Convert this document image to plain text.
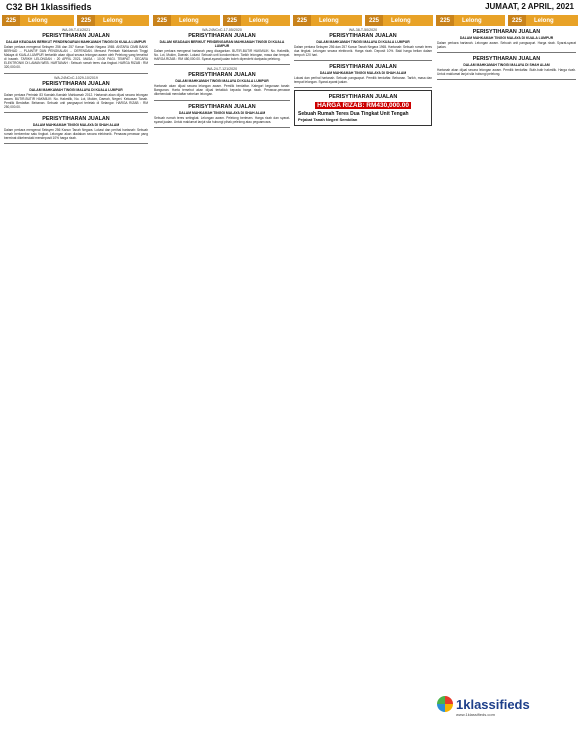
C32 BH 1klassifieds	JUMAAT, 2 APRIL, 2021
225	Lelong	225	Lelong	225	Lelong	225	Lelong	225	Lelong	225	Lelong	225	Lelong	225	Lelong
WA-09-T-01/2021
PERISYTIHARAN JUALAN
DALAM KEADAAN BERIKUT PENDENGARAN MAHKAMAH TINGGI DI KUALA LUMPUR
Dalam perkara mengenai Seksyen 256 dan 257 Kanun Tanah Negara 1965. ANTARA CIMB BANK BERHAD ... PLAINTIF DAN PENGKALAN ... DEFENDAN. Menurut Perintah Mahkamah Tinggi Malaya di KUALA LUMPUR bertarikh akan dijual secara lelongan awam oleh Pelelong yang tersebut di bawah. TARIKH LELONGAN : 20 APRIL 2021. MASA : 10.00 PAGI. TEMPAT : SECARA ELEKTRONIK DI LAMAN WEB. HARTANAH : Sebuah rumah teres dua tingkat. HARGA RIZAB : RM 320,000.00.
WA-24NCvC-1029-10/2019
PERISYTIHARAN JUALAN
DALAM MAHKAMAH TINGGI MALAYA DI KUALA LUMPUR
Dalam perkara Perintah 83 Kaedah-Kaedah Mahkamah 2012. Hartanah akan dijual secara lelongan awam. BUTIR-BUTIR HAKMILIK: No. Hakmilik, No. Lot, Mukim, Daerah, Negeri. Keluasan Tanah. Pemilik Berdaftar. Bebanan. Sebuah unit pangsapuri terletak di Selangor. HARGA RIZAB : RM 250,000.00.
PERISYTIHARAN JUALAN
DALAM MAHKAMAH TINGGI MALAYA DI SHAH ALAM
Dalam perkara mengenai Seksyen 256 Kanun Tanah Negara. Lokasi dan perihal hartanah: Sebuah rumah berkembar satu tingkat. Lelongan akan diadakan secara elektronik. Penawar-penawar yang berminat dikehendaki mendeposit 10% harga rizab.
WA-24NCvC-17-05/2020
PERISYTIHARAN JUALAN
DALAM KEADAAN BERIKUT PENDENGARAN MAHKAMAH TINGGI DI KUALA LUMPUR
Dalam perkara mengenai hartanah yang dicagarkan. BUTIR-BUTIR HAKMILIK: No. Hakmilik, No. Lot, Mukim, Daerah. Lokasi: Sebuah unit kondominium. Tarikh lelongan, masa dan tempat. HARGA RIZAB : RM 480,000.00. Syarat-syarat jualan boleh diperolehi daripada pelelong.
WA-24-T-121/2020
PERISYTIHARAN JUALAN
DALAM MAHKAMAH TINGGI MALAYA DI KUALA LUMPUR
Hartanah akan dijual secara lelongan awam. Pemilik berdaftar. Kategori kegunaan tanah: Bangunan. Harta tersebut akan dijual tertakluk kepada harga rizab. Penawar-penawar dikehendaki mendaftar sebelum lelongan.
PERISYTIHARAN JUALAN
DALAM MAHKAMAH TINGGI MALAYA DI SHAH ALAM
Sebuah rumah teres setingkat. Lelongan awam. Pelelong berlesen. Harga rizab dan syarat-syarat jualan. Untuk maklumat lanjut sila hubungi pihak pelelong atau peguamcara.
WA-38-T-50/2020
PERISYTIHARAN JUALAN
DALAM MAHKAMAH TINGGI MALAYA DI KUALA LUMPUR
Dalam perkara Seksyen 256 dan 257 Kanun Tanah Negara 1965. Hartanah: Sebuah rumah teres dua tingkat. Lelongan secara elektronik. Harga rizab. Deposit 10%. Baki harga belian dalam tempoh 120 hari.
PERISYTIHARAN JUALAN
DALAM MAHKAMAH TINGGI MALAYA DI SHAH ALAM
Lokasi dan perihal hartanah. Sebuah pangsapuri. Pemilik berdaftar. Bebanan. Tarikh, masa dan tempat lelongan. Syarat-syarat jualan.
PERISYTIHARAN JUALAN
HARGA RIZAB: RM430,000.00
Sebuah Rumah Teres Dua Tingkat Unit Tengah
Pejabat Tanah Negeri Sembilan
PERISYTIHARAN JUALAN
DALAM MAHKAMAH TINGGI MALAYA DI KUALA LUMPUR
Dalam perkara hartanah. Lelongan awam. Sebuah unit pangsapuri. Harga rizab. Syarat-syarat jualan.
PERISYTIHARAN JUALAN
DALAM MAHKAMAH TINGGI MALAYA DI SHAH ALAM
Hartanah akan dijual secara lelongan awam. Pemilik berdaftar. Butir-butir hakmilik. Harga rizab. Untuk maklumat lanjut sila hubungi pelelong.
1klassifieds
www.1klassifieds.com
